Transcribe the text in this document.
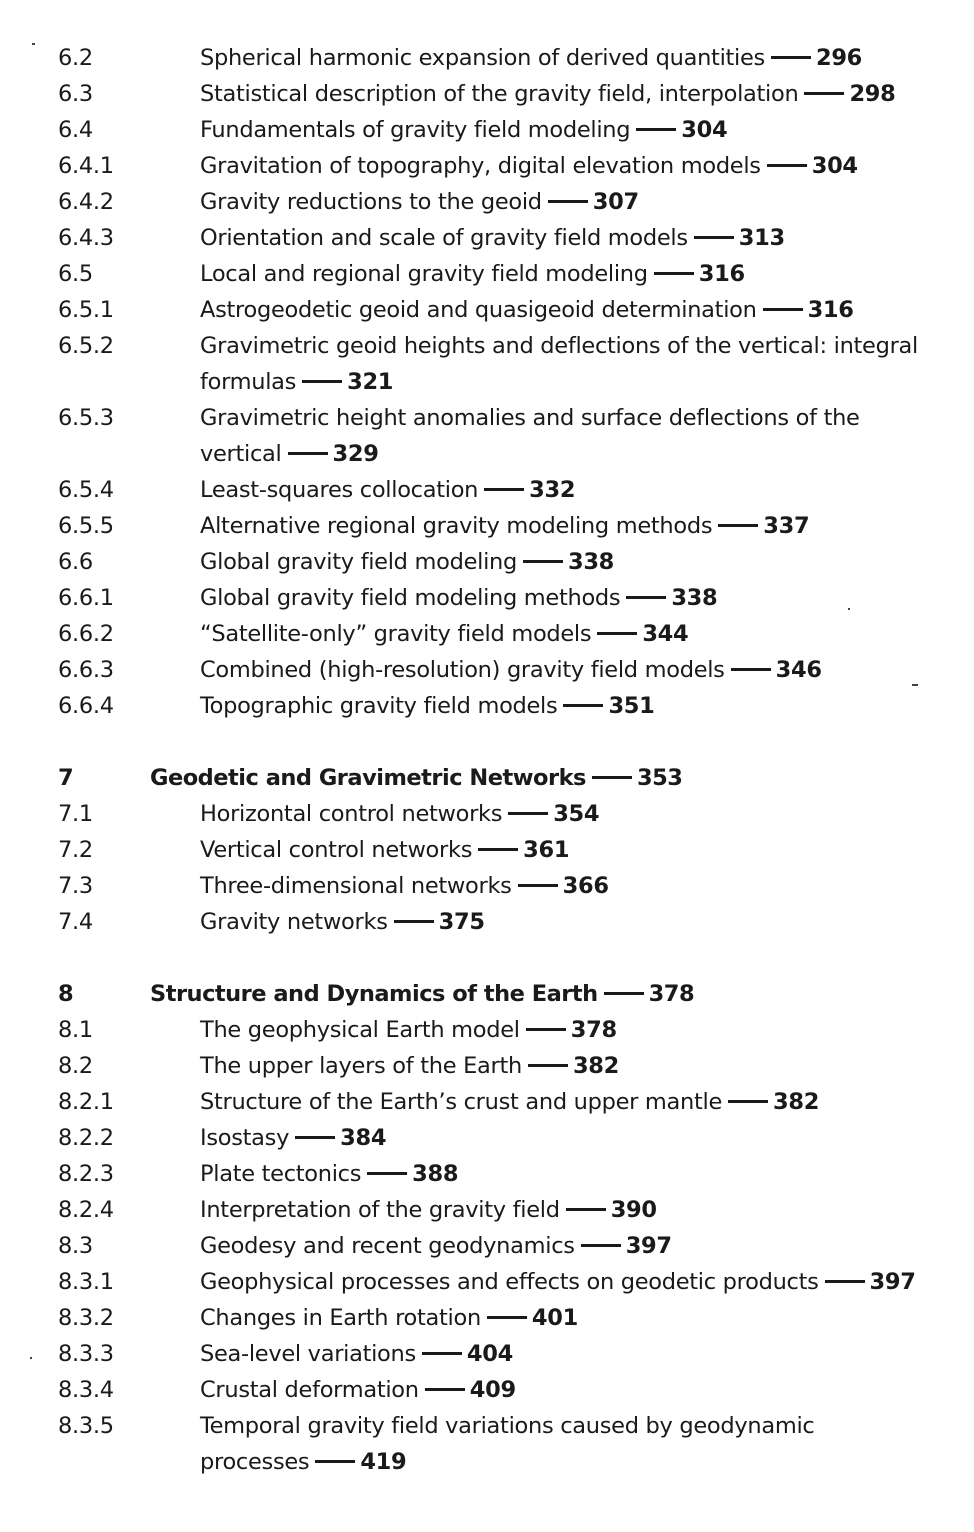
6.2	Spherical harmonic expansion of derived quantities 296
6.3	Statistical description of the gravity field, interpolation 298
6.4	Fundamentals of gravity field modeling 304
6.4.1	Gravitation of topography, digital elevation models 304
6.4.2	Gravity reductions to the geoid 307
6.4.3	Orientation and scale of gravity field models 313
6.5	Local and regional gravity field modeling 316
6.5.1	Astrogeodetic geoid and quasigeoid determination 316
6.5.2	Gravimetric geoid heights and deflections of the vertical: integral
formulas 321
6.5.3	Gravimetric height anomalies and surface deflections of the
vertical 329
6.5.4	Least-squares collocation 332
6.5.5	Alternative regional gravity modeling methods 337
6.6	Global gravity field modeling 338
6.6.1	Global gravity field modeling methods 338
6.6.2	“Satellite-only” gravity field models 344
6.6.3	Combined (high-resolution) gravity field models 346
6.6.4	Topographic gravity field models 351
7	Geodetic and Gravimetric Networks 353
7.1	Horizontal control networks 354
7.2	Vertical control networks 361
7.3	Three-dimensional networks 366
7.4	Gravity networks 375
8	Structure and Dynamics of the Earth 378
8.1	The geophysical Earth model 378
8.2	The upper layers of the Earth 382
8.2.1	Structure of the Earth’s crust and upper mantle 382
8.2.2	Isostasy 384
8.2.3	Plate tectonics 388
8.2.4	Interpretation of the gravity field 390
8.3	Geodesy and recent geodynamics 397
8.3.1	Geophysical processes and effects on geodetic products 397
8.3.2	Changes in Earth rotation 401
8.3.3	Sea-level variations 404
8.3.4	Crustal deformation 409
8.3.5	Temporal gravity field variations caused by geodynamic
processes 419
